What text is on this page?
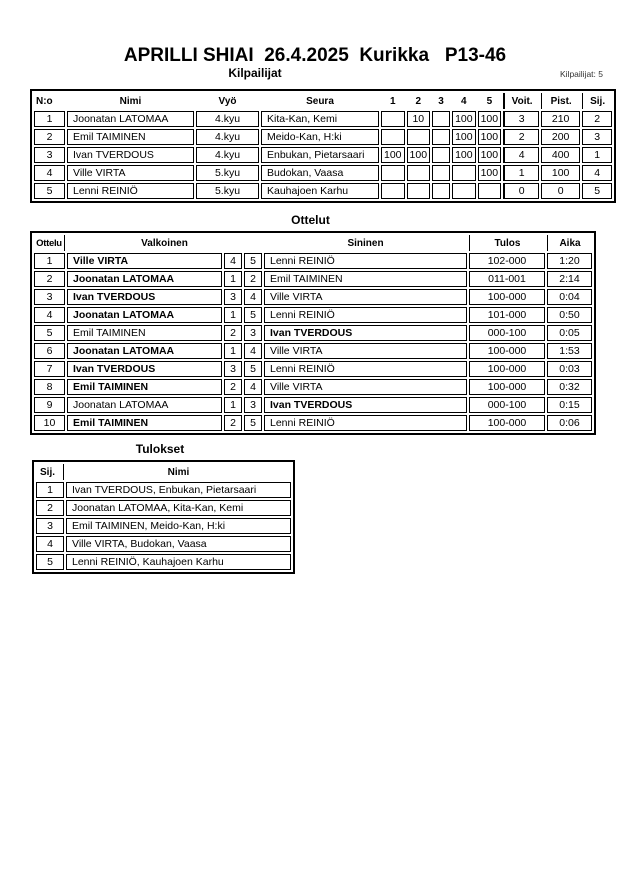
APRILLI SHIAI  26.4.2025  Kurikka   P13-46
Kilpailijat	Kilpailijat: 5
N:o	Nimi	Vyö	Seura	1	2	3	4	5	Voit.	Pist.	Sij.
1	Joonatan LATOMAA	4.kyu	Kita-Kan, Kemi		10		100	100	3	210	2
2	Emil TAIMINEN	4.kyu	Meido-Kan, H:ki				100	100	2	200	3
3	Ivan TVERDOUS	4.kyu	Enbukan, Pietarsaari	100	100		100	100	4	400	1
4	Ville VIRTA	5.kyu	Budokan, Vaasa					100	1	100	4
5	Lenni REINIÖ	5.kyu	Kauhajoen Karhu						0	0	5
Ottelut
Ottelu	Valkoinen			Sininen	Tulos	Aika
1	Ville VIRTA	4	5	Lenni REINIÖ	102-000	1:20
2	Joonatan LATOMAA	1	2	Emil TAIMINEN	011-001	2:14
3	Ivan TVERDOUS	3	4	Ville VIRTA	100-000	0:04
4	Joonatan LATOMAA	1	5	Lenni REINIÖ	101-000	0:50
5	Emil TAIMINEN	2	3	Ivan TVERDOUS	000-100	0:05
6	Joonatan LATOMAA	1	4	Ville VIRTA	100-000	1:53
7	Ivan TVERDOUS	3	5	Lenni REINIÖ	100-000	0:03
8	Emil TAIMINEN	2	4	Ville VIRTA	100-000	0:32
9	Joonatan LATOMAA	1	3	Ivan TVERDOUS	000-100	0:15
10	Emil TAIMINEN	2	5	Lenni REINIÖ	100-000	0:06
Tulokset
Sij.	Nimi
1	Ivan TVERDOUS, Enbukan, Pietarsaari
2	Joonatan LATOMAA, Kita-Kan, Kemi
3	Emil TAIMINEN, Meido-Kan, H:ki
4	Ville VIRTA, Budokan, Vaasa
5	Lenni REINIÖ, Kauhajoen Karhu
